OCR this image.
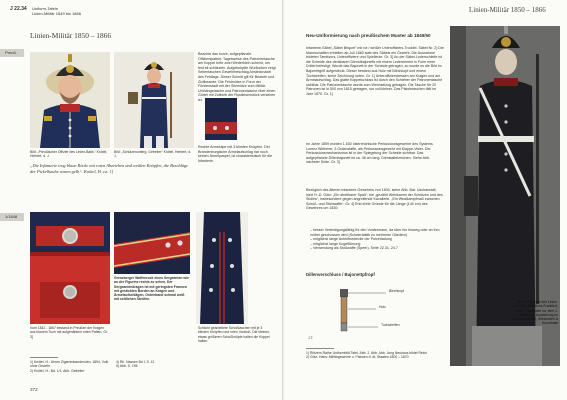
J 22.34 Uniform-Tafeln
Linien-Militär 1849 bis 1866
Linien-Militär 1850 – 1866
Preuß.	Beachte das kurze, aufgepflanzte Offizierspatent. Tagesweise des Patronentasche am Koppel trete zwei Wederklein scheint, um fest sit schliezeln. Aufgeknüpfte Wurflocken zeigt Seitentaschen Gewehrbeschlag Anstecknadel des Feldlage. Dieser Schnitt gilt für Beamte und Zivilbeamte. Die Feldmütze in Form der Fürstenstadt mit der Sitzmütze zum Militär. Umhängetasche und Patronentasche über einen Gürtel mit Zollhieb der Rustieisenstück versehen ist.
Rechte Armstulpe mit 3 blinden Knöpfen. Der Brandenburgische Ärmelaufschlag hat noch keinen Ärmelpaspel, ist charakteristisch für die Infanterie.
Bild: „Preußischer Offizier des Linien-Batls.“ Knötel, Herbert, d. J.
Bild: „Schützenunterg. Gefreiter“ Knötel, Herbert, d. J.
„Die Infanterie trug blaue Röcke mit roten Abzeichen und weißen Knöpfen, die Beschläge der Pickelhaube waren gelb“. Knötel, H. ca. 1]
1/1848
Grenzberger Waffenrock eines Sergeanten wie an der Figurine rechts zu sehen. Der Sergeantenkragen ist mit geringsten Fransen mit gestickten Borden an Kragen und Ärmelaufschlägen. Ordenband schmal weiß mit seitlichen Streifen.
Schlicht gearbeitete Schoßtaschen mit je 3 blinden Knöpfen und roten Vorstoß. Die kleinen, etwas größeren Schoßknöpfe halten die Koppel halten.
Vom 1842 - 1867 bestand in Preußen der Kragen aus blauem Tuch mit aufgenähtem roten Patten. Gr. 3]
1) Knötel, H.: Uhren Zigarrenbanderolen, 1894, Volk ohne Gewehr
2) Knötel, H.: Bd. 1/1. Abb. Gefreiter
4) Rh. Nassen Bd I, S. 41
5) Abb. S. 155
372
Linien-Militär 1850 – 1866
Neu-Uniformierung nach preußischem Muster ab 1849/50
Infanterie-Säbel „Säbel Briquet“ mit rot / weißer Unteroffiziers-Troddel. Säbel Nr. 2) Die Mannschaften erhielten ab Juli 1860 statt des Säbels ein Gewehr. Die Ausnahme bildeten Tambours, Unteroffiziere und Spielleute. Gr. 3] An der Säbel-Lederschleife ist die Scheide des denkbaren Dienstbajonetts mit einem Lederriemen in Form einer Drittel befestigt. Wurde das Bajonett in der Scheide getragen, so wurde es die Bild im Bajonettgriff aufgesteckt. Dieser bestand aus Holz mit Blechkopf und einem Tuchstreifen, siehe Zeichnung unten. Gr. 1] Unteroffizierstressen am Kragen und am Ärmelaufschlag. Das glatte Koppelschloss ist durch den Schieber der Patronentasche sichtbar. Die Patronentasche wurde zum Wechselzug getragen. Die Tasche für 20 Patronen ist in 500 von 1815 getragen, nur voll kleiner. Das Pistoletaschen fällt im Jahr 1870. Gr. 1]
Im Jahre 1859 wurden 1.630 österreichische Perkussionsgewehre des Systems Lorenz Wirthmer, 3 Ordenstaffe, als Perkussionsgewehr mit Klappe-Visier. Der Perkussionsmechanismus ist in der Spiegelung der Scheide sichtbar. Das aufgepflanzte Dillenbajonett ist ca. 46 cm lang. Dienstaltetzeichen. Siehe Abb. nächster Seite. Gr. 3]
Bezüglich des älteren Infanterie-Gewehres von 1830, siehe Abb. Bat. Uschanstall, hiert H.-D. Götz: „Ein streitbarer Spaß“, bei „gezählt Weinkamm der Schützen und des Stolles“, insbesondere gegen angreifende Kavallerie. „Ein Wealkampfmaß zwischen Schuß- und Stichwaffe“. Gr. 4] Erst ehrte Gründe für die Länge (140 cm) des Gewehres um 1830:
– besser Verteidigungsfähig für den Vordermann, da über ihn hinweg oder an ihm vorbei geschossen wird (Schwertaktik zu mehreren Gliedern)
– möglichst lange Antriebsstrecke der Pulverladung
– möglichst lange Kugelführung
– Verwendung als Stoßwaffe (Speer). Seite 22.31, 24.7
Dillenverschluss / Bajonettpfropf
Blechkopf
Holz
Tuchstreifen
J.T.
1) Rötzem Rathe Uniformbild Tafel, Abb. 2. Abb. Abb. Jung Neuhaus bildet Reich
2) Götz, Hans: Militärgewehre u. Pistolen d. dt. Staaten 1800 – 1870
Bild: „Sergeant des Linien-Infanterie-Bataillons Frankfurt, 1860.“ Fotografie vor dem 1. Weltkrieg, Ausstellung im Landesmuseum, Wiesbaden & Kunsthalle
